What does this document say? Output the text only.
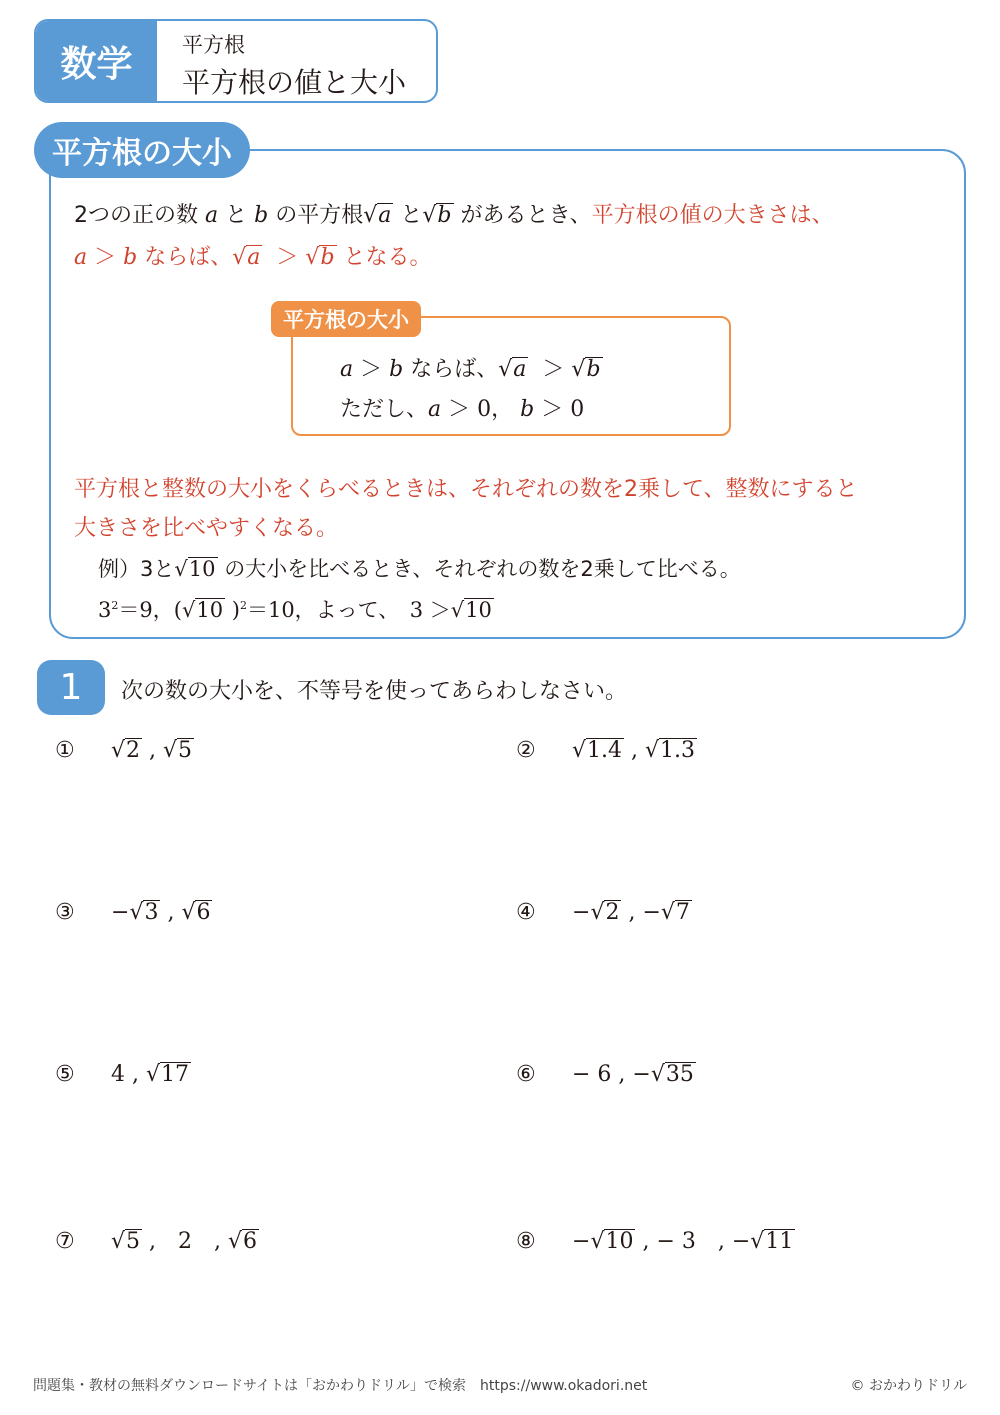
数学	平方根
平方根の値と大小
平方根の大小
2つの正の数 a と b の平方根√a と√b があるとき、平方根の値の大きさは、
a ＞ b ならば、√a ＞ √b となる。
平方根の大小
a ＞ b ならば、√a ＞ √b
ただし、a ＞ 0， b ＞ 0
平方根と整数の大小をくらべるときは、それぞれの数を2乗して、整数にすると
大きさを比べやすくなる。
例）3と√10 の大小を比べるとき、それぞれの数を2乗して比べる。
$3^2=9$，(√10 )$^2$＝10，よって、　3 ＞√10
1	次の数の大小を、不等号を使ってあらわしなさい。
① √2 , √5	② √1.4 , √1.3
③ −√3 , √6	④ −√2 , −√7
⑤ 4 , √17	⑥ − 6 , −√35
⑦ √5 ,　2　, √6	⑧ −√10 , − 3　, −√11
問題集・教材の無料ダウンロードサイトは「おかわりドリル」で検索　https://www.okadori.net	© おかわりドリル
